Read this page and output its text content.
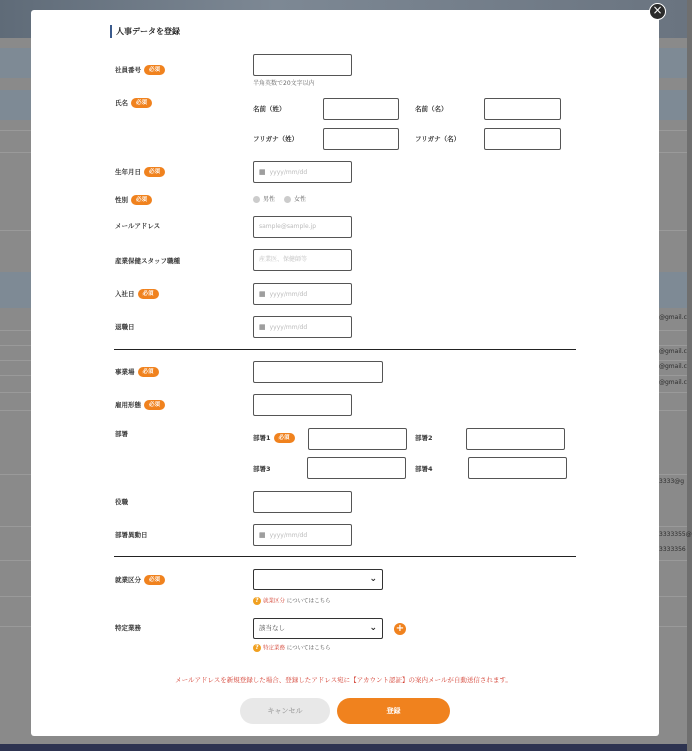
@gmail.c
@gmail.c
@gmail.c
@gmail.c
3333@g
3333355@
3333356
×
人事データを登録
社員番号 必須
半角英数で20文字以内
氏名 必須
名前（姓）	名前（名）
フリガナ（姓）	フリガナ（名）
生年月日 必須	▦ yyyy/mm/dd
性別 必須	男性	女性
メールアドレス	sample@sample.jp
産業保健スタッフ職種	産業医、保健師等
入社日 必須	▦ yyyy/mm/dd
退職日	▦ yyyy/mm/dd
事業場 必須
雇用形態 必須
部署	部署1 必須	部署2
部署3	部署4
役職
部署異動日	▦ yyyy/mm/dd
就業区分 必須	⌄
? 就業区分 についてはこちら
特定業務	該当なし	⌄ +
? 特定業務 についてはこちら
メールアドレスを新規登録した場合、登録したアドレス宛に【アカウント認証】の案内メールが自動送信されます。
キャンセル	登録
